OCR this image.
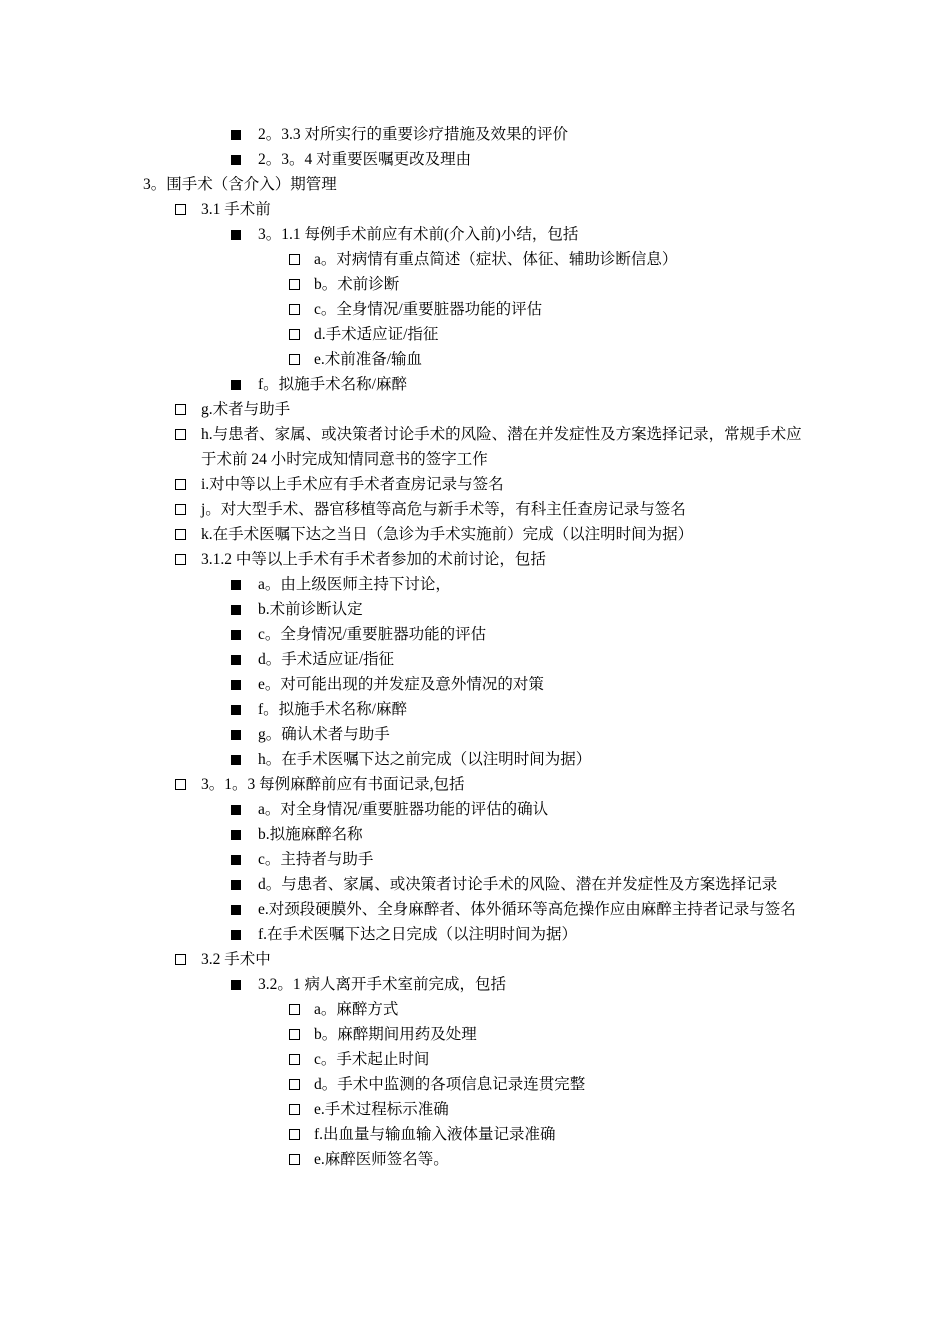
2。3.3 对所实行的重要诊疗措施及效果的评价
2。3。4 对重要医嘱更改及理由
3。围手术（含介入）期管理
3.1 手术前
3。1.1 每例手术前应有术前(介入前)小结，包括
a。对病情有重点简述（症状、体征、辅助诊断信息）
b。术前诊断
c。全身情况/重要脏器功能的评估
d.手术适应证/指征
e.术前准备/输血
f。拟施手术名称/麻醉
g.术者与助手
h.与患者、家属、或决策者讨论手术的风险、潜在并发症性及方案选择记录，常规手术应于术前 24 小时完成知情同意书的签字工作
i.对中等以上手术应有手术者查房记录与签名
j。对大型手术、器官移植等高危与新手术等，有科主任查房记录与签名
k.在手术医嘱下达之当日（急诊为手术实施前）完成（以注明时间为据）
3.1.2 中等以上手术有手术者参加的术前讨论，包括
a。由上级医师主持下讨论，
b.术前诊断认定
c。全身情况/重要脏器功能的评估
d。手术适应证/指征
e。对可能出现的并发症及意外情况的对策
f。拟施手术名称/麻醉
g。确认术者与助手
h。在手术医嘱下达之前完成（以注明时间为据）
3。1。3 每例麻醉前应有书面记录,包括
a。对全身情况/重要脏器功能的评估的确认
b.拟施麻醉名称
c。主持者与助手
d。与患者、家属、或决策者讨论手术的风险、潜在并发症性及方案选择记录
e.对颈段硬膜外、全身麻醉者、体外循环等高危操作应由麻醉主持者记录与签名
f.在手术医嘱下达之日完成（以注明时间为据）
3.2 手术中
3.2。1 病人离开手术室前完成，包括
a。麻醉方式
b。麻醉期间用药及处理
c。手术起止时间
d。手术中监测的各项信息记录连贯完整
e.手术过程标示准确
f.出血量与输血输入液体量记录准确
e.麻醉医师签名等。
